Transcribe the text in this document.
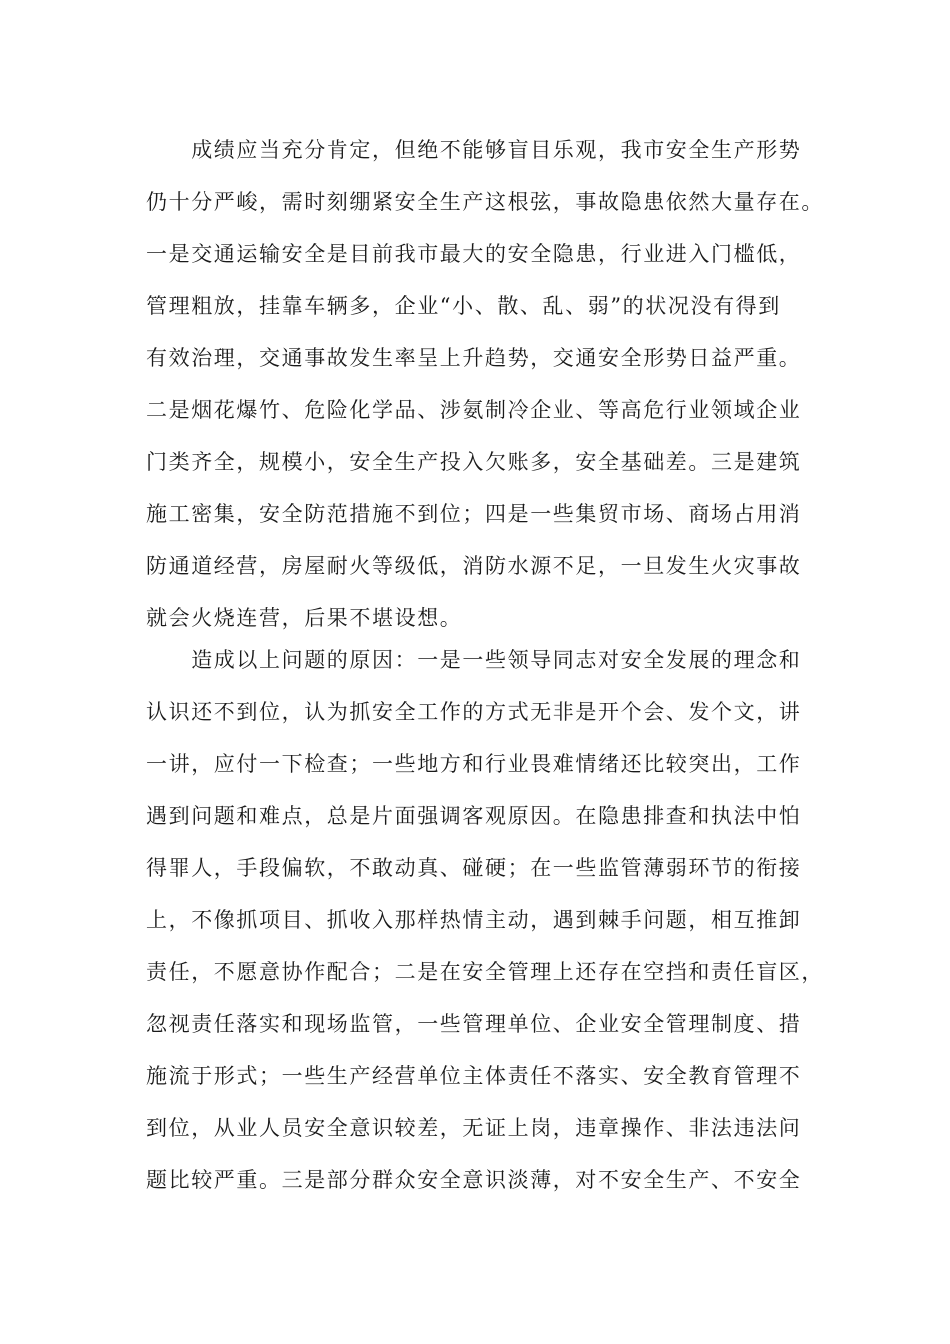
　　成绩应当充分肯定，但绝不能够盲目乐观，我市安全生产形势
仍十分严峻，需时刻绷紧安全生产这根弦，事故隐患依然大量存在。
一是交通运输安全是目前我市最大的安全隐患，行业进入门槛低，
管理粗放，挂靠车辆多，企业“小、散、乱、弱”的状况没有得到
有效治理，交通事故发生率呈上升趋势，交通安全形势日益严重。
二是烟花爆竹、危险化学品、涉氨制冷企业、等高危行业领域企业
门类齐全，规模小，安全生产投入欠账多，安全基础差。三是建筑
施工密集，安全防范措施不到位；四是一些集贸市场、商场占用消
防通道经营，房屋耐火等级低，消防水源不足，一旦发生火灾事故
就会火烧连营，后果不堪设想。
　　造成以上问题的原因：一是一些领导同志对安全发展的理念和
认识还不到位，认为抓安全工作的方式无非是开个会、发个文，讲
一讲，应付一下检查；一些地方和行业畏难情绪还比较突出，工作
遇到问题和难点，总是片面强调客观原因。在隐患排查和执法中怕
得罪人，手段偏软，不敢动真、碰硬；在一些监管薄弱环节的衔接
上，不像抓项目、抓收入那样热情主动，遇到棘手问题，相互推卸
责任，不愿意协作配合；二是在安全管理上还存在空挡和责任盲区，
忽视责任落实和现场监管，一些管理单位、企业安全管理制度、措
施流于形式；一些生产经营单位主体责任不落实、安全教育管理不
到位，从业人员安全意识较差，无证上岗，违章操作、非法违法问
题比较严重。三是部分群众安全意识淡薄，对不安全生产、不安全
